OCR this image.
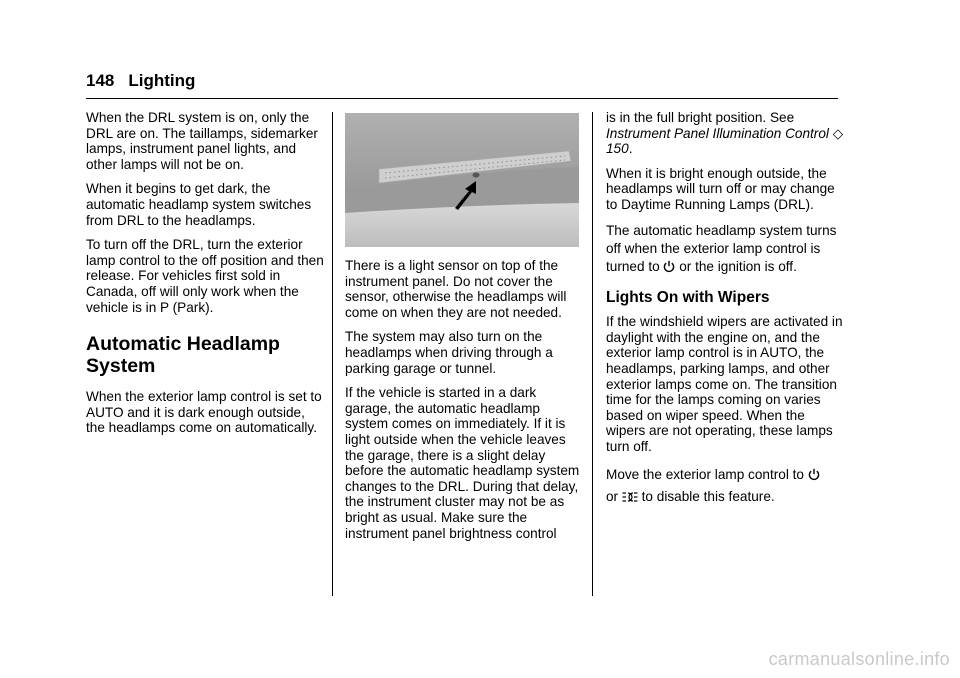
148 Lighting

When the DRL system is on, only the DRL are on. The taillamps, sidemarker lamps, instrument panel lights, and other lamps will not be on.

When it begins to get dark, the automatic headlamp system switches from DRL to the headlamps.

To turn off the DRL, turn the exterior lamp control to the off position and then release. For vehicles first sold in Canada, off will only work when the vehicle is in P (Park).

Automatic Headlamp
System

When the exterior lamp control is set to AUTO and it is dark enough outside, the headlamps come on automatically.

There is a light sensor on top of the instrument panel. Do not cover the sensor, otherwise the headlamps will come on when they are not needed.

The system may also turn on the headlamps when driving through a parking garage or tunnel.

If the vehicle is started in a dark garage, the automatic headlamp system comes on immediately. If it is light outside when the vehicle leaves the garage, there is a slight delay before the automatic headlamp system changes to the DRL. During that delay, the instrument cluster may not be as bright as usual. Make sure the instrument panel brightness control

is in the full bright position. See
Instrument Panel Illumination Control ◇ 150.

When it is bright enough outside, the headlamps will turn off or may change to Daytime Running Lamps (DRL).

The automatic headlamp system turns off when the exterior lamp control is turned to or the ignition is off.

Lights On with Wipers

If the windshield wipers are activated in daylight with the engine on, and the exterior lamp control is in AUTO, the headlamps, parking lamps, and other exterior lamps come on. The transition time for the lamps coming on varies based on wiper speed. When the wipers are not operating, these lamps turn off.

Move the exterior lamp control to
or to disable this feature.

carmanualsonline.info
